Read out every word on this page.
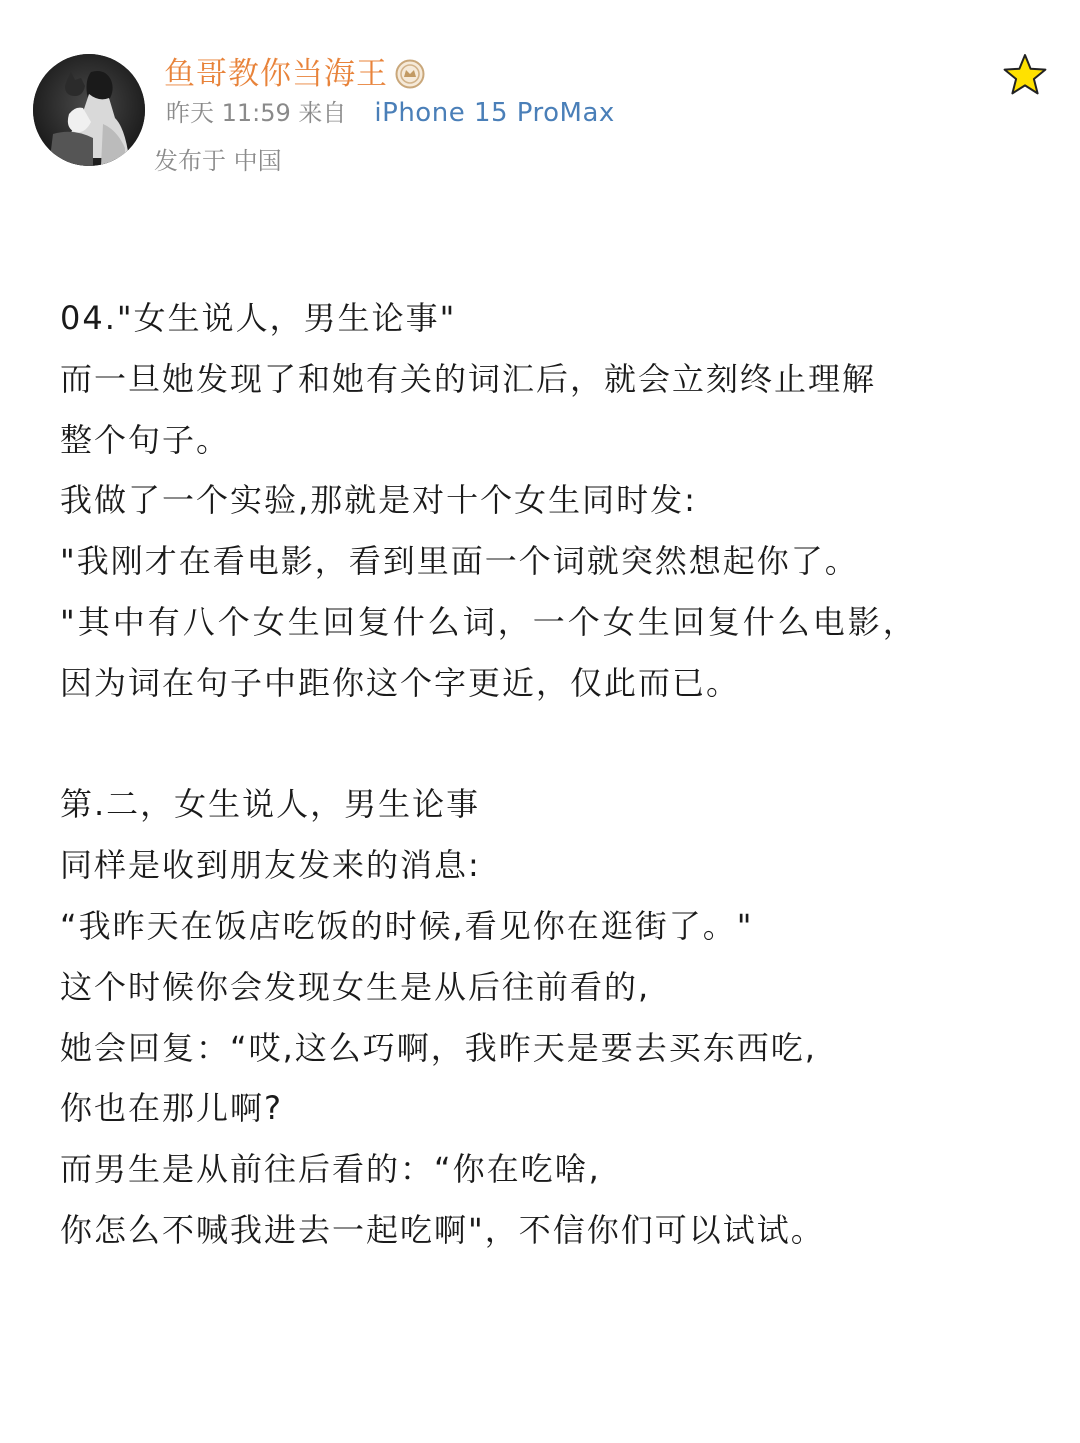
鱼哥教你当海王
昨天 11:59 来自 iPhone 15 ProMax
发布于 中国
04."女生说人，男生论事"
而一旦她发现了和她有关的词汇后，就会立刻终止理解
整个句子。
我做了一个实验,那就是对十个女生同时发:
"我刚才在看电影，看到里面一个词就突然想起你了。
"其中有八个女生回复什么词，一个女生回复什么电影，
因为词在句子中距你这个字更近，仅此而已。
第.二，女生说人，男生论事
同样是收到朋友发来的消息:
“我昨天在饭店吃饭的时候,看见你在逛街了。"
这个时候你会发现女生是从后往前看的,
她会回复：“哎,这么巧啊，我昨天是要去买东西吃,
你也在那儿啊?
而男生是从前往后看的：“你在吃啥,
你怎么不喊我进去一起吃啊"，不信你们可以试试。
